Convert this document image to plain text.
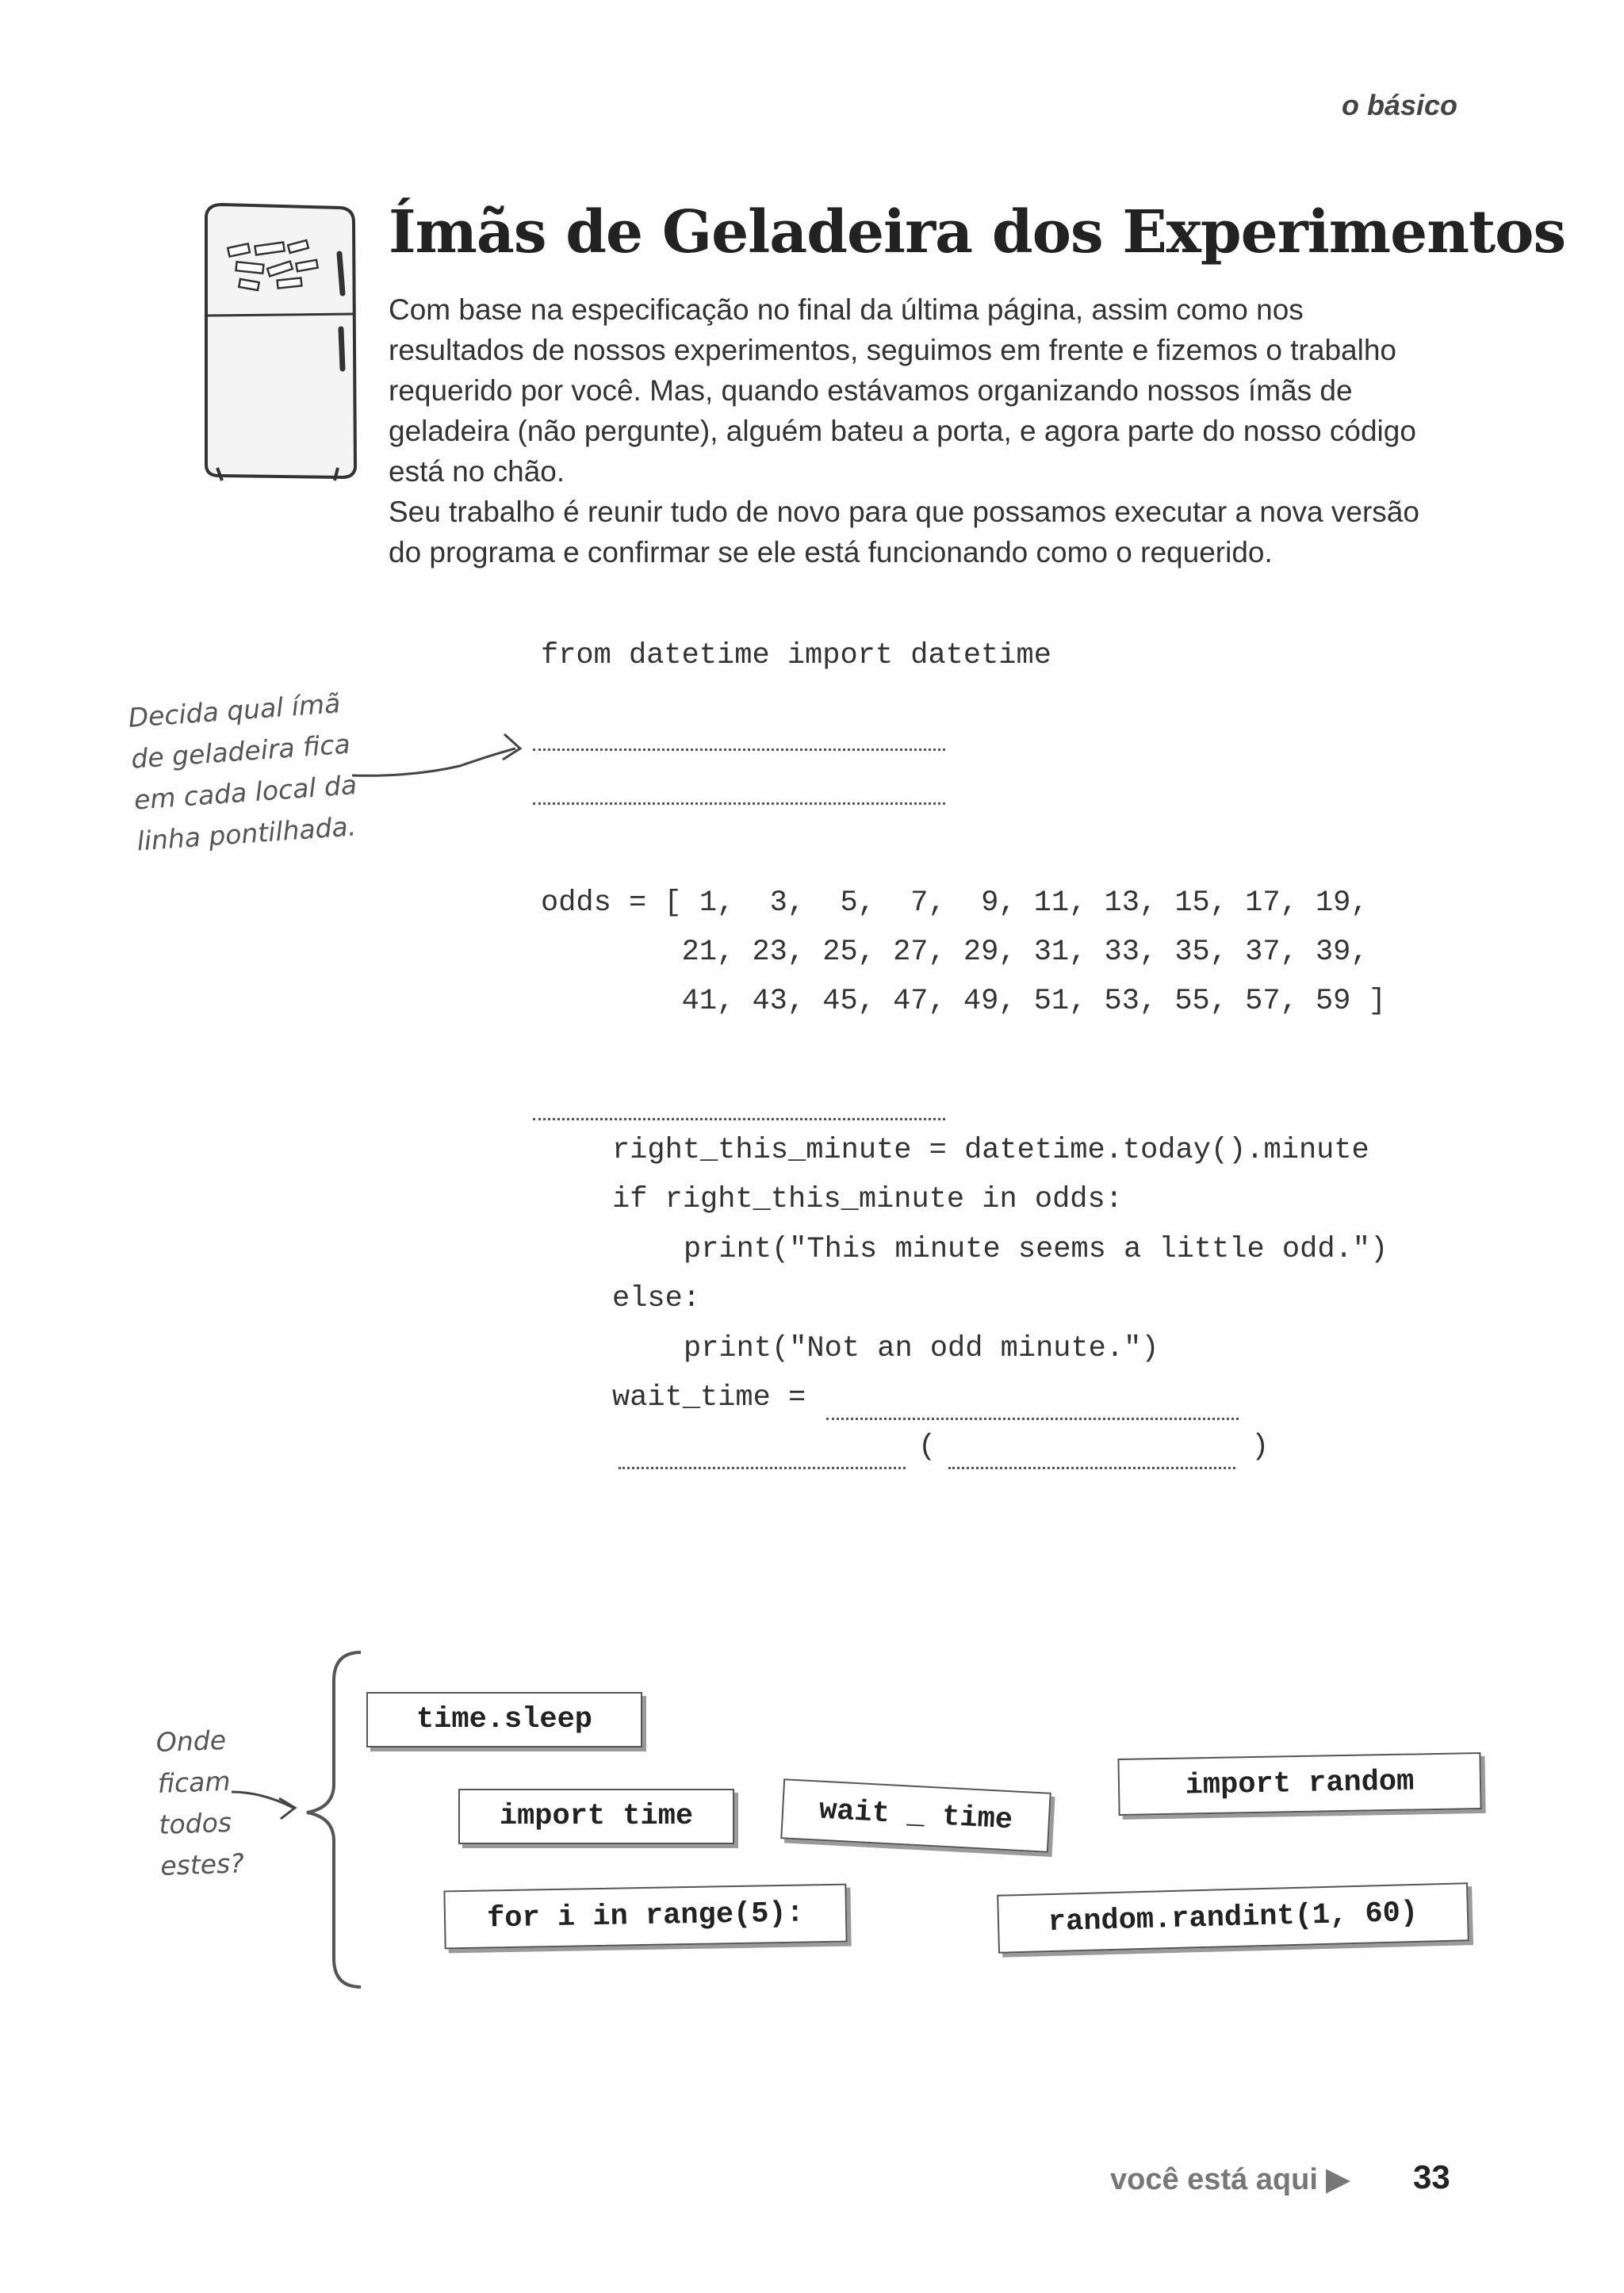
o básico
Ímãs de Geladeira dos Experimentos

Com base na especificação no final da última página, assim como nos resultados de nossos experimentos, seguimos em frente e fizemos o trabalho requerido por você. Mas, quando estávamos organizando nossos ímãs de geladeira (não pergunte), alguém bateu a porta, e agora parte do nosso código está no chão.

Seu trabalho é reunir tudo de novo para que possamos executar a nova versão do programa e confirmar se ele está funcionando como o requerido.

from datetime import datetime
Decida qual ímã
de geladeira fica
em cada local da
linha pontilhada.
odds = [ 1,  3,  5,  7,  9, 11, 13, 15, 17, 19,
21, 23, 25, 27, 29, 31, 33, 35, 37, 39,
41, 43, 45, 47, 49, 51, 53, 55, 57, 59 ]
right_this_minute = datetime.today().minute
if right_this_minute in odds:
print("This minute seems a little odd.")
else:
print("Not an odd minute.")
wait_time =
(	)
Onde
ficam
todos
estes?
time.sleep
import time	wait _ time
import random
for i in range(5):	random.randint(1, 60)
você está aqui ▶ 33
